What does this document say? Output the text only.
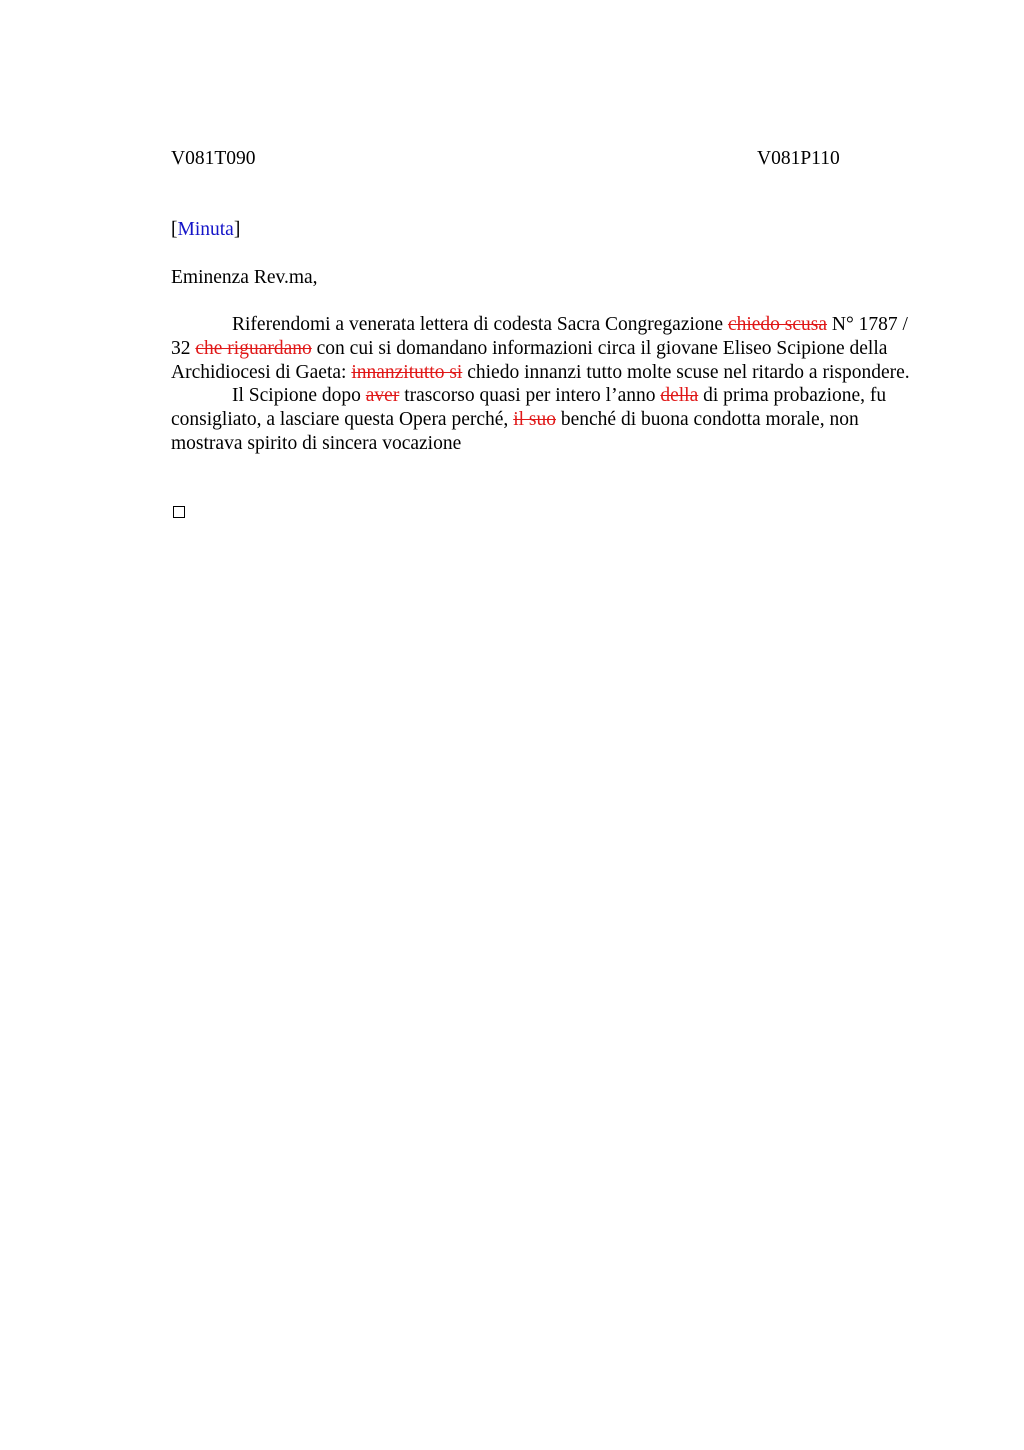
V081T090	V081P110
[Minuta]
Eminenza Rev.ma,

Riferendomi a venerata lettera di codesta Sacra Congregazione chiedo scusa N° 1787 / 32 che riguardano con cui si domandano informazioni circa il giovane Eliseo Scipione della Archidiocesi di Gaeta: innanzitutto si chiedo innanzi tutto molte scuse nel ritardo a rispondere.

Il Scipione dopo aver trascorso quasi per intero l’anno della di prima probazione, fu consigliato, a lasciare questa Opera perché, il suo benché di buona condotta morale, non mostrava spirito di sincera vocazione
